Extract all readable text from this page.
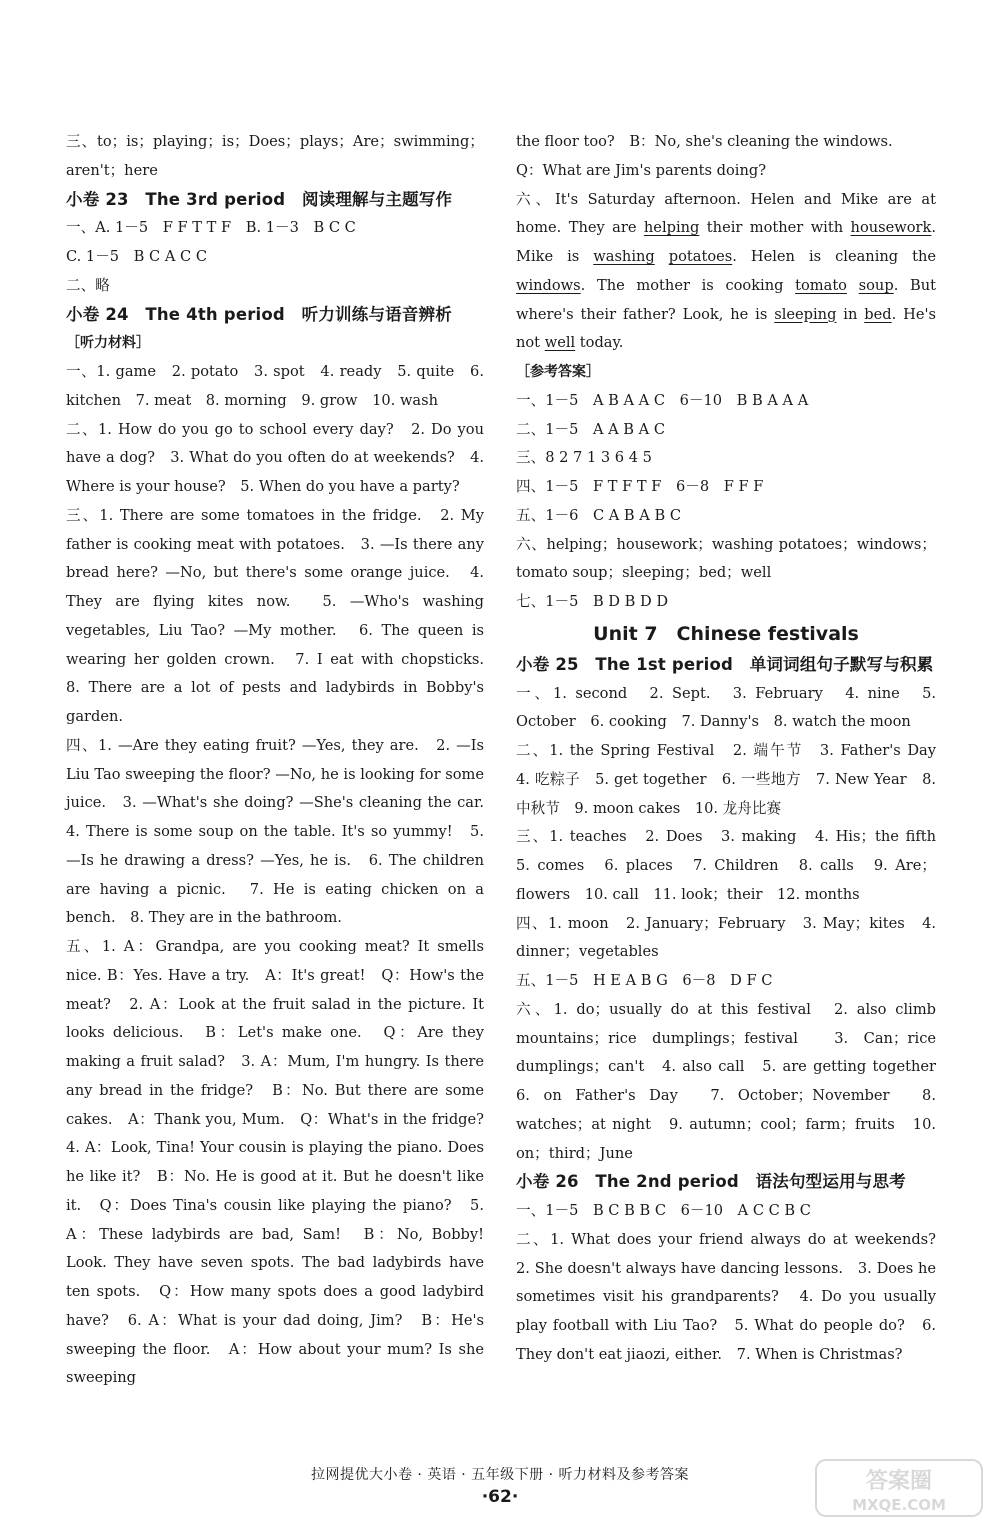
三、to；is；playing；is；Does；plays；Are；swimming；aren't；here

小卷 23　The 3rd period　阅读理解与主题写作

一、A. 1－5　F F T T F　B. 1－3　B C C

C. 1－5　B C A C C

二、略

小卷 24　The 4th period　听力训练与语音辨析

［听力材料］

一、1. game　2. potato　3. spot　4. ready　5. quite　6. kitchen　7. meat　8. morning　9. grow　10. wash

二、1. How do you go to school every day?　2. Do you have a dog?　3. What do you often do at weekends?　4. Where is your house?　5. When do you have a party?

三、1. There are some tomatoes in the fridge.　2. My father is cooking meat with potatoes.　3. —Is there any bread here? —No, but there's some orange juice.　4. They are flying kites now.　5. —Who's washing vegetables, Liu Tao? —My mother.　6. The queen is wearing her golden crown.　7. I eat with chopsticks.　8. There are a lot of pests and ladybirds in Bobby's garden.

四、1. —Are they eating fruit? —Yes, they are.　2. —Is Liu Tao sweeping the floor? —No, he is looking for some juice.　3. —What's she doing? —She's cleaning the car.　4. There is some soup on the table. It's so yummy!　5. —Is he drawing a dress? —Yes, he is.　6. The children are having a picnic.　7. He is eating chicken on a bench.　8. They are in the bathroom.

五、1. A：Grandpa, are you cooking meat? It smells nice. B：Yes. Have a try.　A：It's great!　Q：How's the meat?　2. A：Look at the fruit salad in the picture. It looks delicious.　B：Let's make one.　Q：Are they making a fruit salad?　3. A：Mum, I'm hungry. Is there any bread in the fridge?　B：No. But there are some cakes.　A：Thank you, Mum.　Q：What's in the fridge?　4. A：Look, Tina! Your cousin is playing the piano. Does he like it?　B：No. He is good at it. But he doesn't like it.　Q：Does Tina's cousin like playing the piano?　5. A：These ladybirds are bad, Sam!　B：No, Bobby! Look. They have seven spots. The bad ladybirds have ten spots.　Q：How many spots does a good ladybird have?　6. A：What is your dad doing, Jim?　B：He's sweeping the floor.　A：How about your mum? Is she sweeping

the floor too?　B：No, she's cleaning the windows.

Q：What are Jim's parents doing?

六、It's Saturday afternoon. Helen and Mike are at home. They are helping their mother with housework. Mike is washing potatoes. Helen is cleaning the windows. The mother is cooking tomato soup. But where's their father? Look, he is sleeping in bed. He's not well today.

［参考答案］

一、1－5　A B A A C　6－10　B B A A A

二、1－5　A A B A C

三、8 2 7 1 3 6 4 5

四、1－5　F T F T F　6－8　F F F

五、1－6　C A B A B C

六、helping；housework；washing potatoes；windows；tomato soup；sleeping；bed；well

七、1－5　B D B D D

Unit 7　Chinese festivals

小卷 25　The 1st period　单词词组句子默写与积累

一、1. second　2. Sept.　3. February　4. nine　5. October　6. cooking　7. Danny's　8. watch the moon

二、1. the Spring Festival　2. 端午节　3. Father's Day　4. 吃粽子　5. get together　6. 一些地方　7. New Year　8. 中秋节　9. moon cakes　10. 龙舟比赛

三、1. teaches　2. Does　3. making　4. His；the fifth　5. comes　6. places　7. Children　8. calls　9. Are；flowers　10. call　11. look；their　12. months

四、1. moon　2. January；February　3. May；kites　4. dinner；vegetables

五、1－5　H E A B G　6－8　D F C

六、1. do；usually do at this festival　2. also climb mountains；rice dumplings；festival　3. Can；rice dumplings；can't　4. also call　5. are getting together　6. on Father's Day　7. October；November　8. watches；at night　9. autumn；cool；farm；fruits　10. on；third；June

小卷 26　The 2nd period　语法句型运用与思考

一、1－5　B C B B C　6－10　A C C B C

二、1. What does your friend always do at weekends?　2. She doesn't always have dancing lessons.　3. Does he sometimes visit his grandparents?　4. Do you usually play football with Liu Tao?　5. What do people do?　6. They don't eat jiaozi, either.　7. When is Christmas?

拉网提优大小卷 · 英语 · 五年级下册 · 听力材料及参考答案
·62·
答案圈
MXQE.COM
